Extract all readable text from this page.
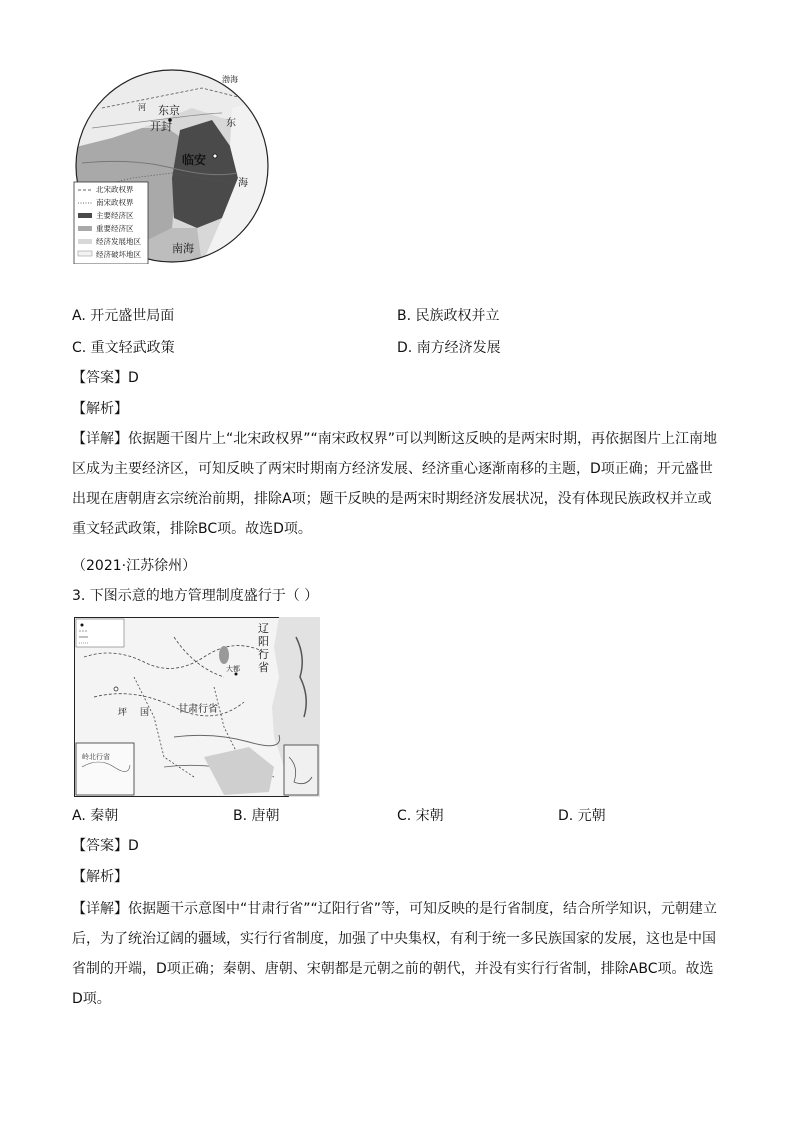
渤海
河 东京
开封	东
临安
海
南海
北宋政权界
南宋政权界
主要经济区
重要经济区
经济发展地区
经济破坏地区
A. 开元盛世局面	B. 民族政权并立
C. 重文轻武政策	D. 南方经济发展
【答案】D
【解析】
【详解】依据题干图片上“北宋政权界”“南宋政权界”可以判断这反映的是两宋时期，再依据图片上江南地区成为主要经济区，可知反映了两宋时期南方经济发展、经济重心逐渐南移的主题，D项正确；开元盛世出现在唐朝唐玄宗统治前期，排除A项；题干反映的是两宋时期经济发展状况，没有体现民族政权并立或重文轻武政策，排除BC项。故选D项。
（2021·江苏徐州）
3. 下图示意的地方管理制度盛行于（ ）
甘肃行省
大都
坪 国
岭北行省
辽阳行省
A. 秦朝	B. 唐朝	C. 宋朝	D. 元朝
【答案】D
【解析】
【详解】依据题干示意图中“甘肃行省”“辽阳行省”等，可知反映的是行省制度，结合所学知识，元朝建立后，为了统治辽阔的疆域，实行行省制度，加强了中央集权，有利于统一多民族国家的发展，这也是中国省制的开端，D项正确；秦朝、唐朝、宋朝都是元朝之前的朝代，并没有实行行省制，排除ABC项。故选D项。
